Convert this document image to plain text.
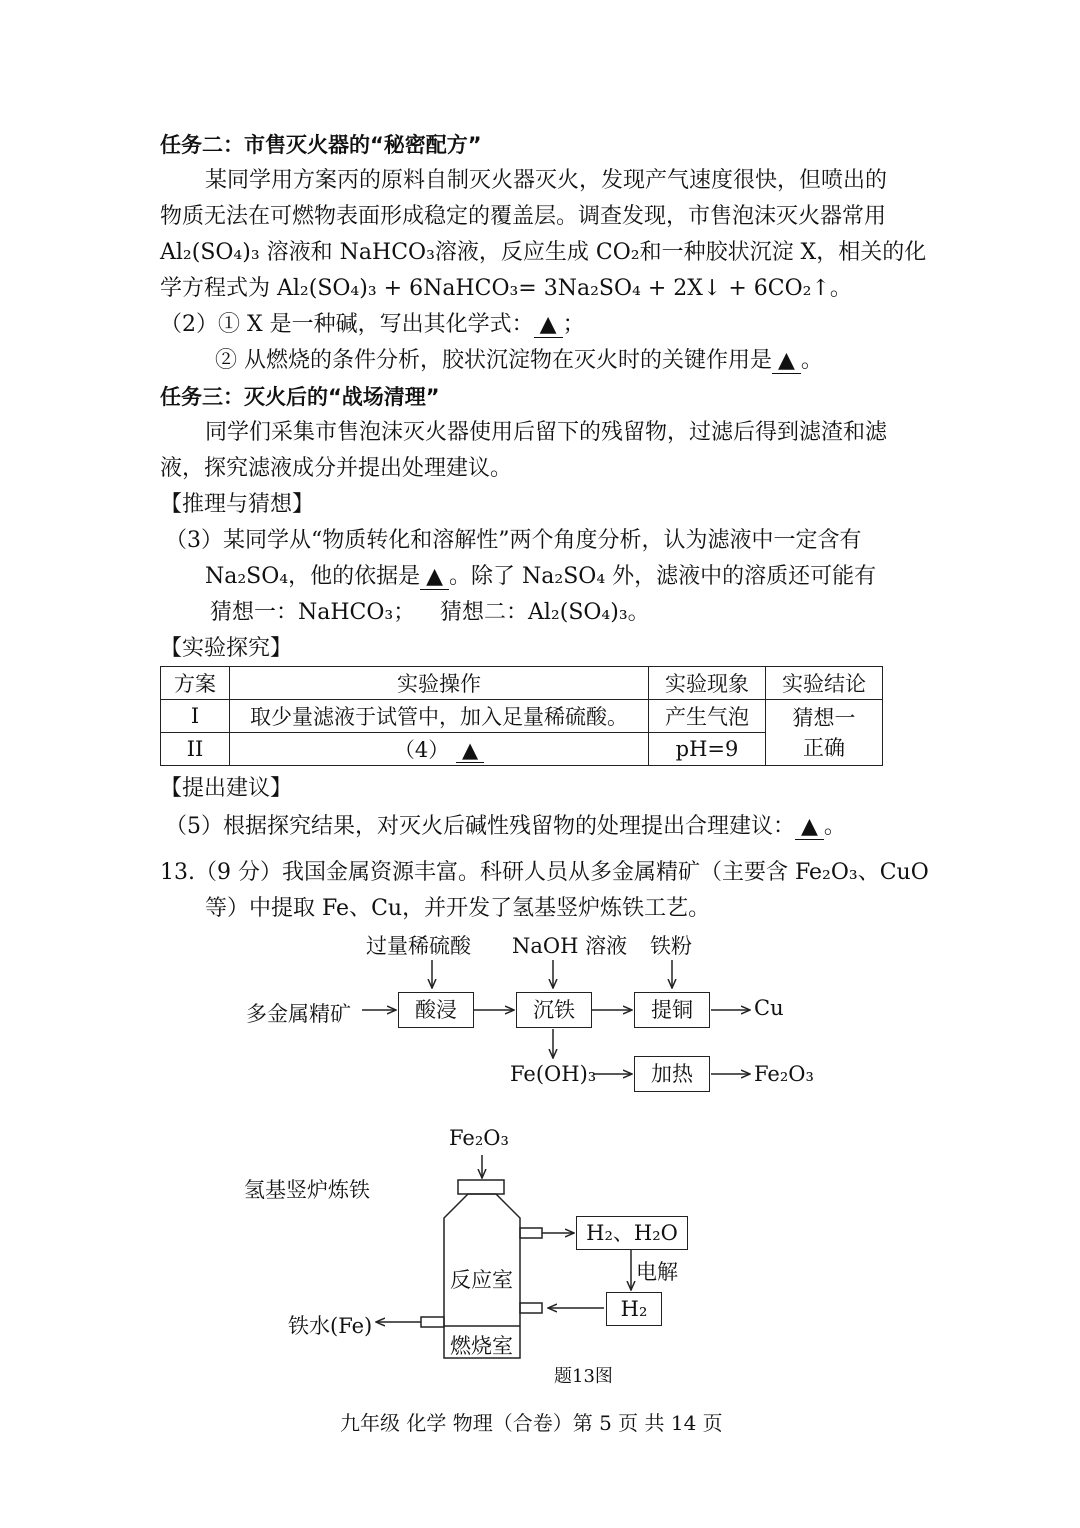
任务二：市售灭火器的“秘密配方”
某同学用方案丙的原料自制灭火器灭火，发现产气速度很快，但喷出的
物质无法在可燃物表面形成稳定的覆盖层。调查发现，市售泡沫灭火器常用
Al₂(SO₄)₃ 溶液和 NaHCO₃溶液，反应生成 CO₂和一种胶状沉淀 X，相关的化
学方程式为 Al₂(SO₄)₃ + 6NaHCO₃= 3Na₂SO₄ + 2X↓ + 6CO₂↑。
（2）① X 是一种碱，写出其化学式： ▲ ；
② 从燃烧的条件分析，胶状沉淀物在灭火时的关键作用是 ▲ 。
任务三：灭火后的“战场清理”
同学们采集市售泡沫灭火器使用后留下的残留物，过滤后得到滤渣和滤
液，探究滤液成分并提出处理建议。
【推理与猜想】
（3）某同学从“物质转化和溶解性”两个角度分析，认为滤液中一定含有
Na₂SO₄，他的依据是 ▲ 。除了 Na₂SO₄ 外，滤液中的溶质还可能有
猜想一：NaHCO₃； 猜想二：Al₂(SO₄)₃。
【实验探究】
方案	实验操作	实验现象	实验结论
I	取少量滤液于试管中，加入足量稀硫酸。	产生气泡	猜想一正确
II	（4） ▲	pH=9	
【提出建议】
（5）根据探究结果，对灭火后碱性残留物的处理提出合理建议： ▲ 。
13.（9 分）我国金属资源丰富。科研人员从多金属精矿（主要含 Fe₂O₃、CuO
等）中提取 Fe、Cu，并开发了氢基竖炉炼铁工艺。
过量稀硫酸 NaOH 溶液 铁粉
多金属精矿	酸浸	沉铁	提铜	Cu
Fe(OH)₃	加热	Fe₂O₃
氢基竖炉炼铁
Fe₂O₃
反应室
燃烧室
H₂、H₂O
电解
H₂
铁水(Fe)
题13图
九年级 化学 物理（合卷）第 5 页 共 14 页
